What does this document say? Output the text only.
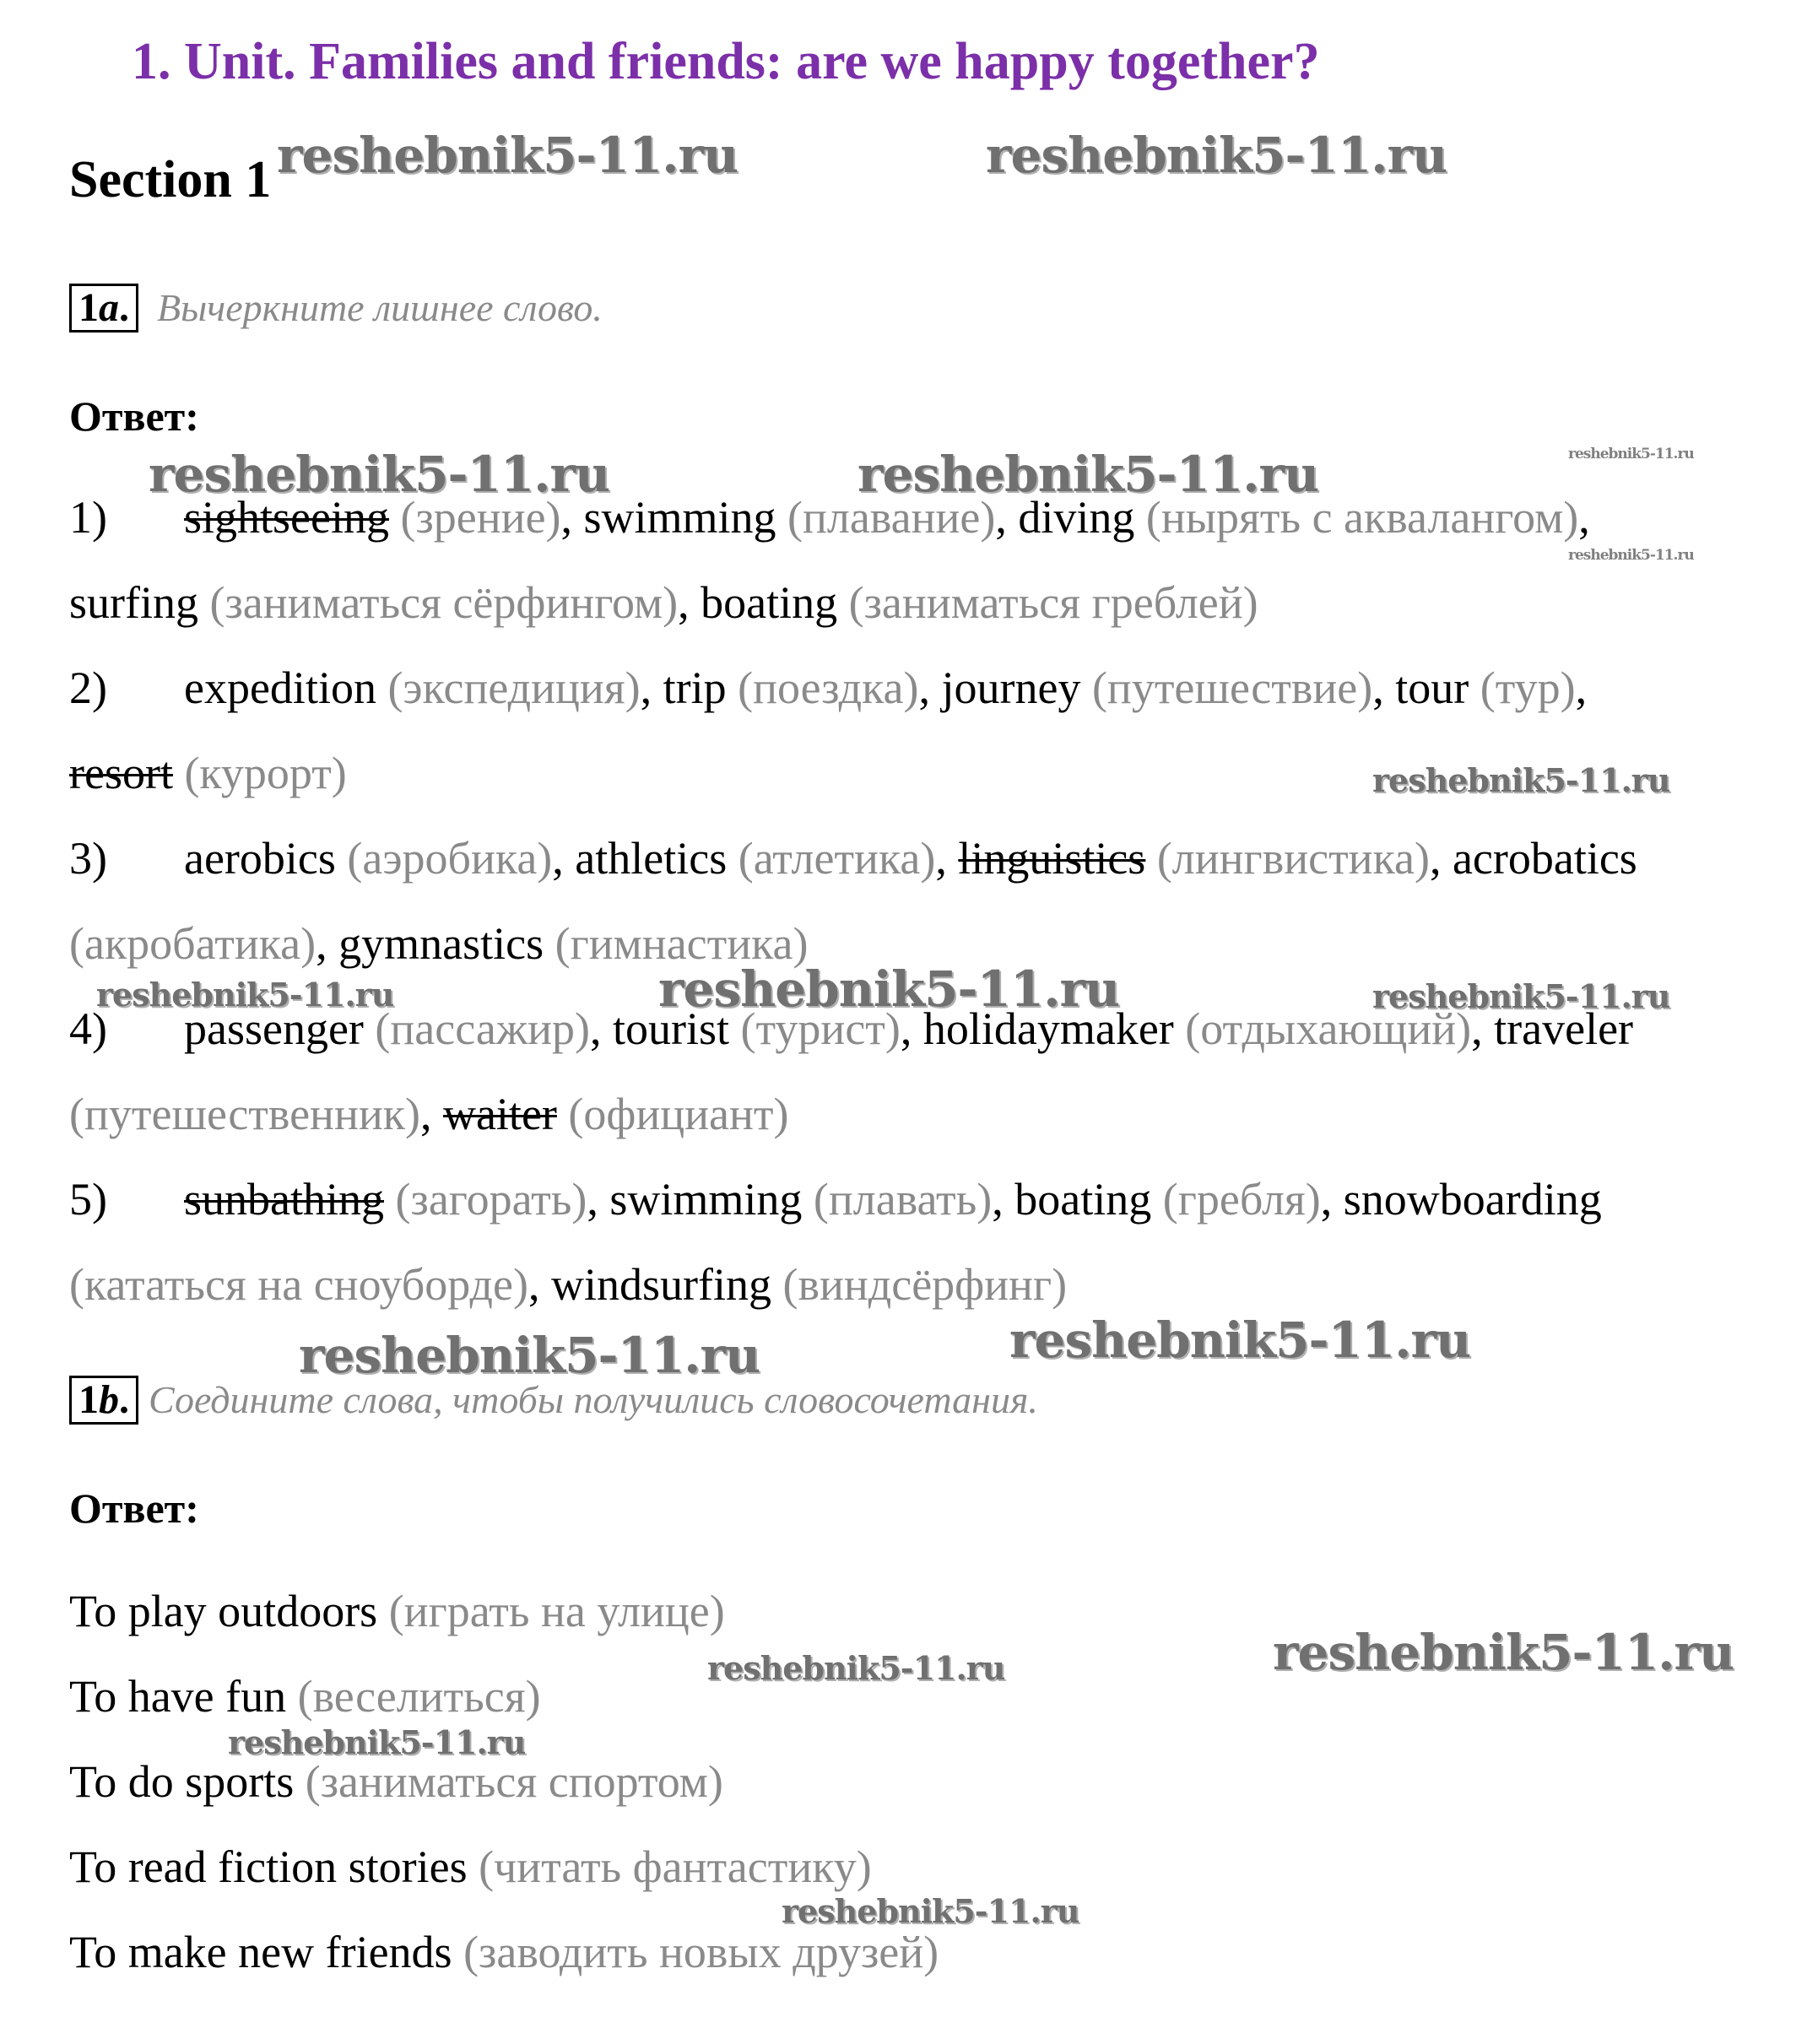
1. Unit. Families and friends: are we happy together?
Section 1
1a. Вычеркните лишнее слово.
Ответ:
1) sightseeing (зрение), swimming (плавание), diving (нырять с аквалангом),
surfing (заниматься сёрфингом), boating (заниматься греблей)
2) expedition (экспедиция), trip (поездка), journey (путешествие), tour (тур),
resort (курорт)
3) aerobics (аэробика), athletics (атлетика), linguistics (лингвистика), acrobatics
(акробатика), gymnastics (гимнастика)
4) passenger (пассажир), tourist (турист), holidaymaker (отдыхающий), traveler
(путешественник), waiter (официант)
5) sunbathing (загорать), swimming (плавать), boating (гребля), snowboarding
(кататься на сноуборде), windsurfing (виндсёрфинг)
1b. Соедините слова, чтобы получились словосочетания.
Ответ:
To play outdoors (играть на улице)
To have fun (веселиться)
To do sports (заниматься спортом)
To read fiction stories (читать фантастику)
To make new friends (заводить новых друзей)
reshebnik5-11.ru	reshebnik5-11.ru
reshebnik5-11.ru	reshebnik5-11.ru	reshebnik5-11.ru
reshebnik5-11.ru
reshebnik5-11.ru
reshebnik5-11.ru	reshebnik5-11.ru	reshebnik5-11.ru
reshebnik5-11.ru	reshebnik5-11.ru
reshebnik5-11.ru
reshebnik5-11.ru
reshebnik5-11.ru
reshebnik5-11.ru
